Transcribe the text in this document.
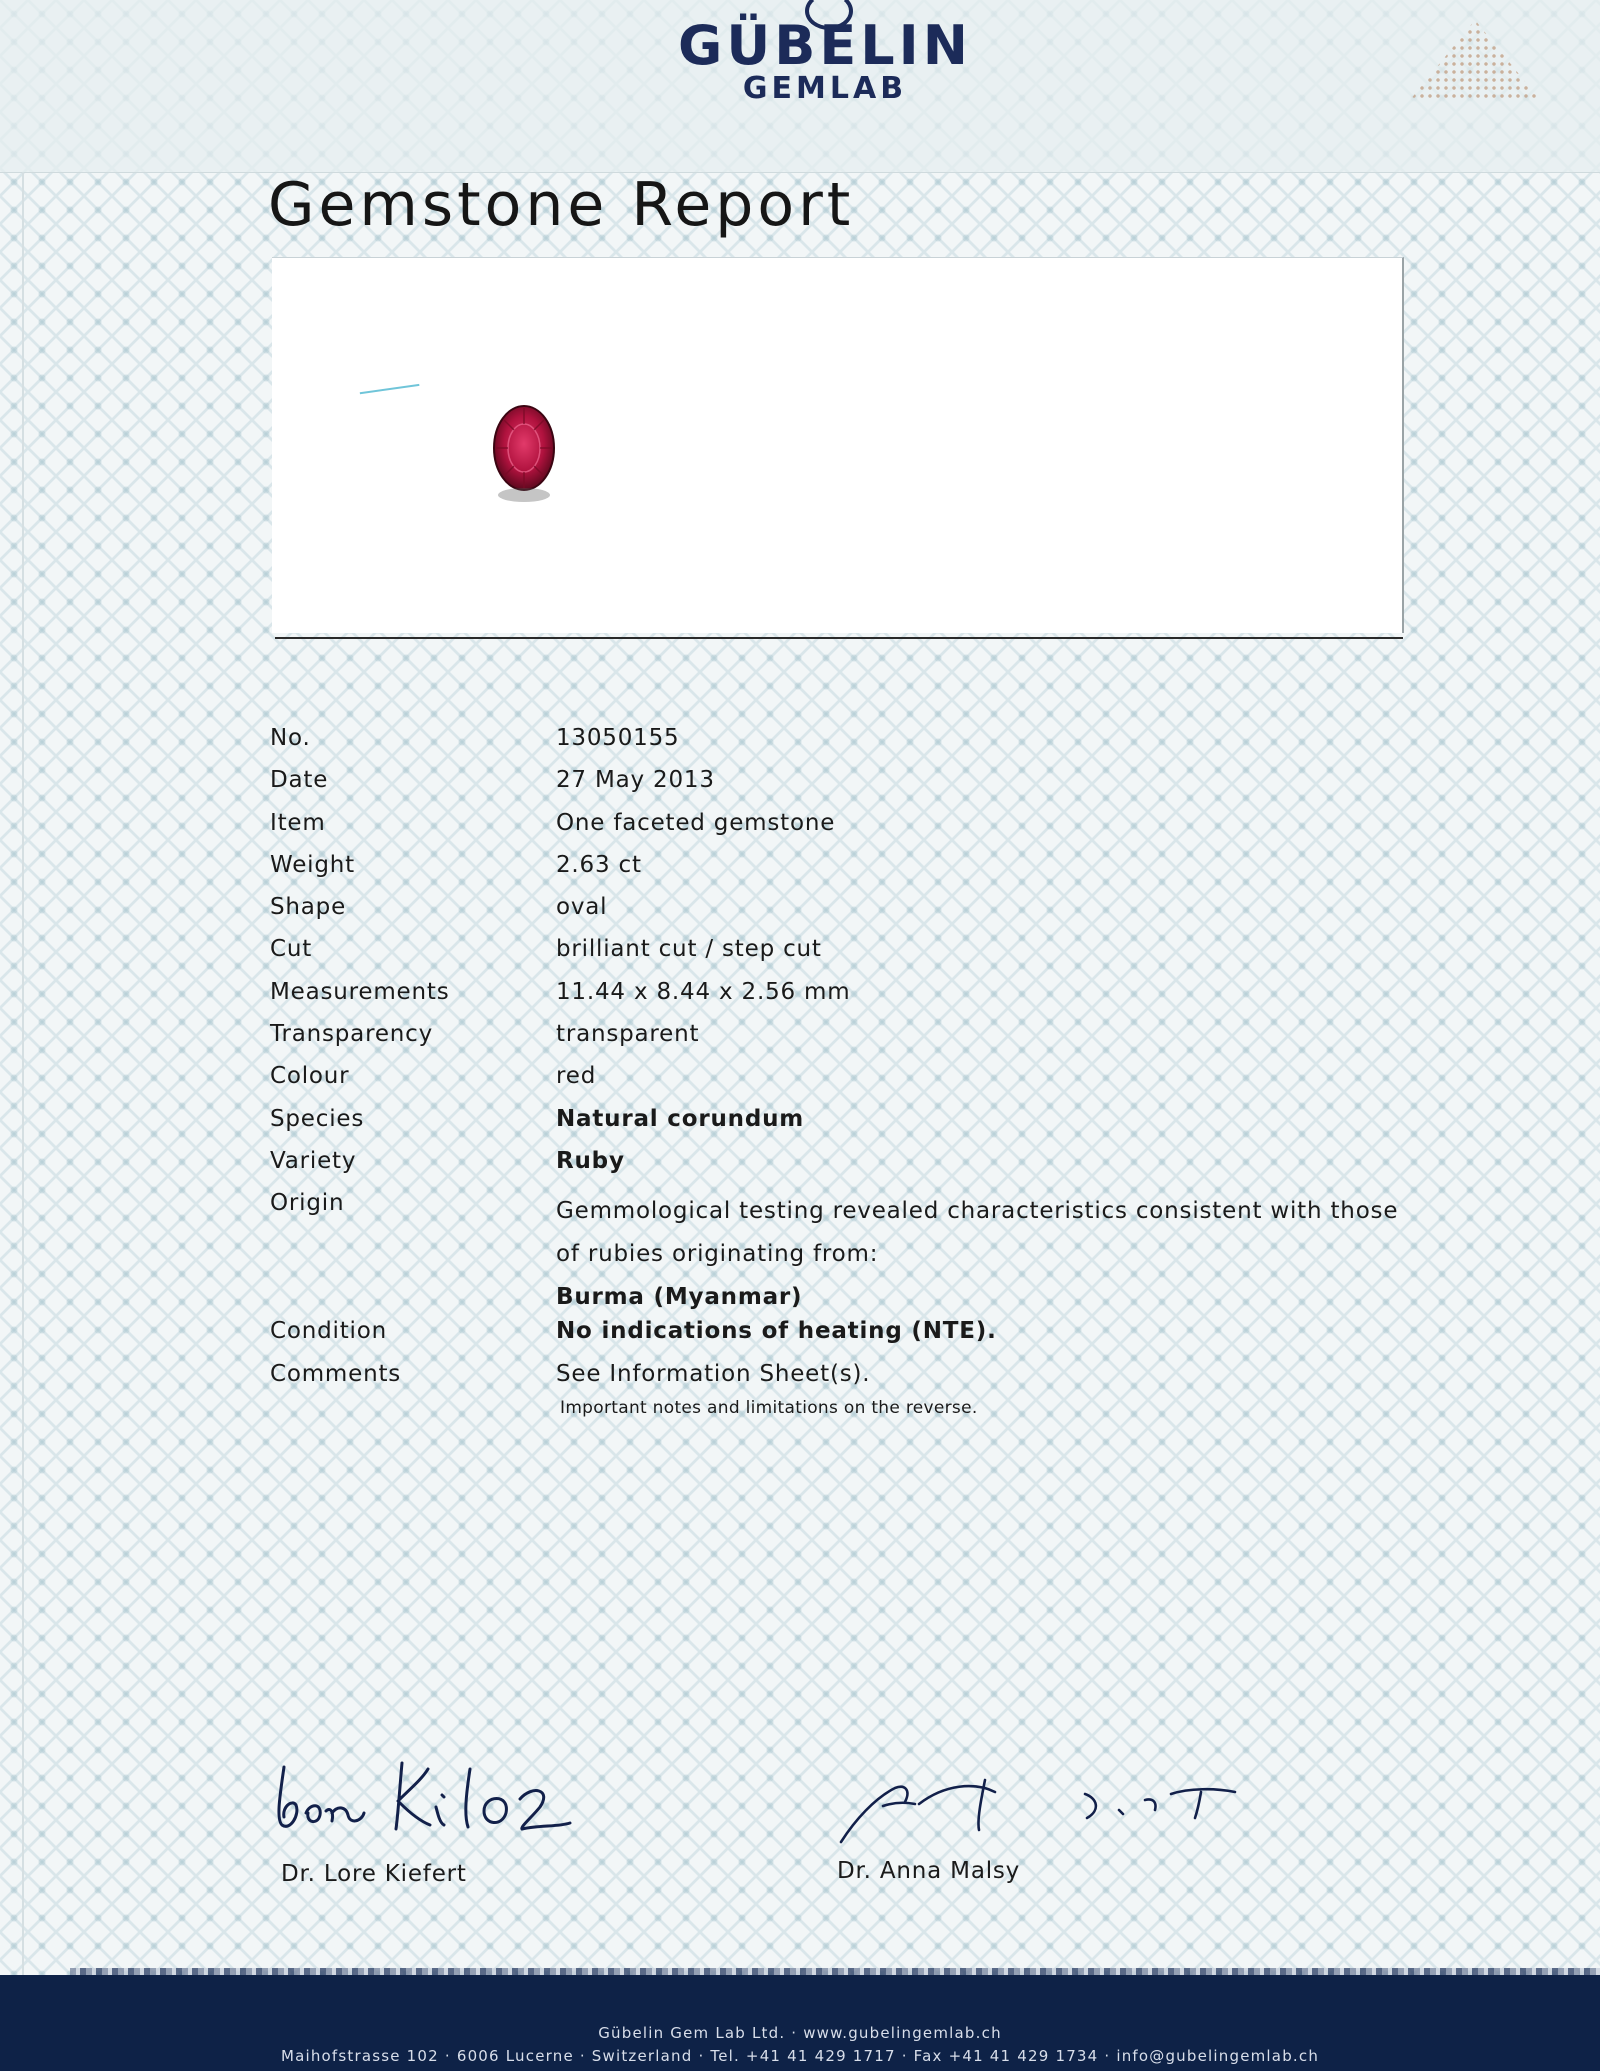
GÜBELIN
GEMLAB
Gemstone Report
No.	13050155
Date	27 May 2013
Item	One faceted gemstone
Weight	2.63 ct
Shape	oval
Cut	brilliant cut / step cut
Measurements	11.44 x 8.44 x 2.56 mm
Transparency	transparent
Colour	red
Species	Natural corundum
Variety	Ruby
Origin	Gemmological testing revealed characteristics consistent with those of rubies originating from:
Burma (Myanmar)
Condition	No indications of heating (NTE).
Comments	See Information Sheet(s).
Important notes and limitations on the reverse.
Dr. Lore Kiefert	Dr. Anna Malsy
Gübelin Gem Lab Ltd. · www.gubelingemlab.ch
Maihofstrasse 102 · 6006 Lucerne · Switzerland · Tel. +41 41 429 1717 · Fax +41 41 429 1734 · info@gubelingemlab.ch
